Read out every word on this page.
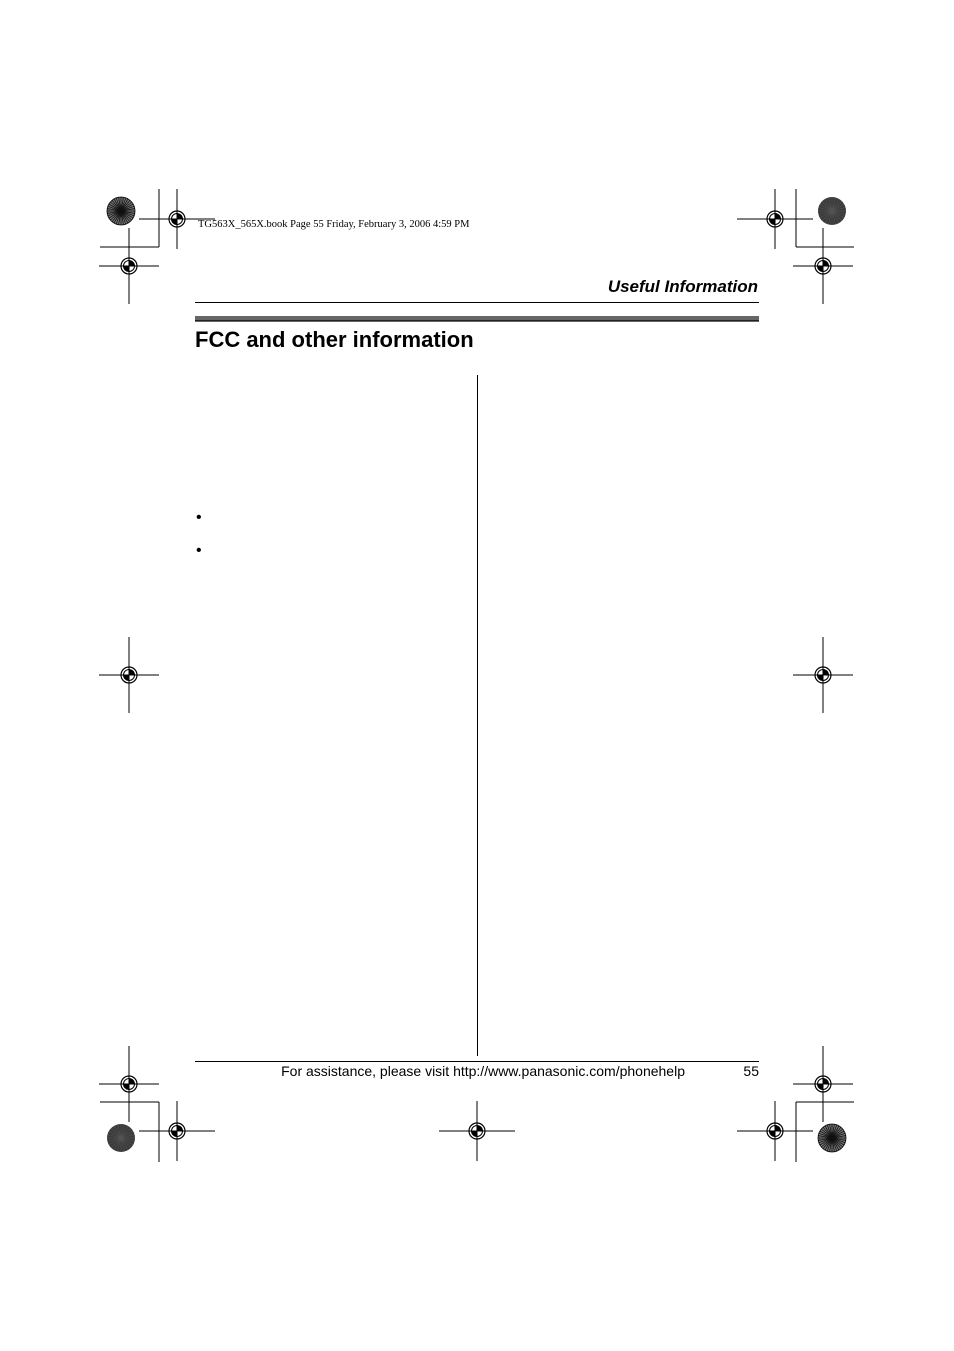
TG563X_565X.book Page 55 Friday, February 3, 2006 4:59 PM
Useful Information
FCC and other information
•
•
For assistance, please visit http://www.panasonic.com/phonehelp	55
